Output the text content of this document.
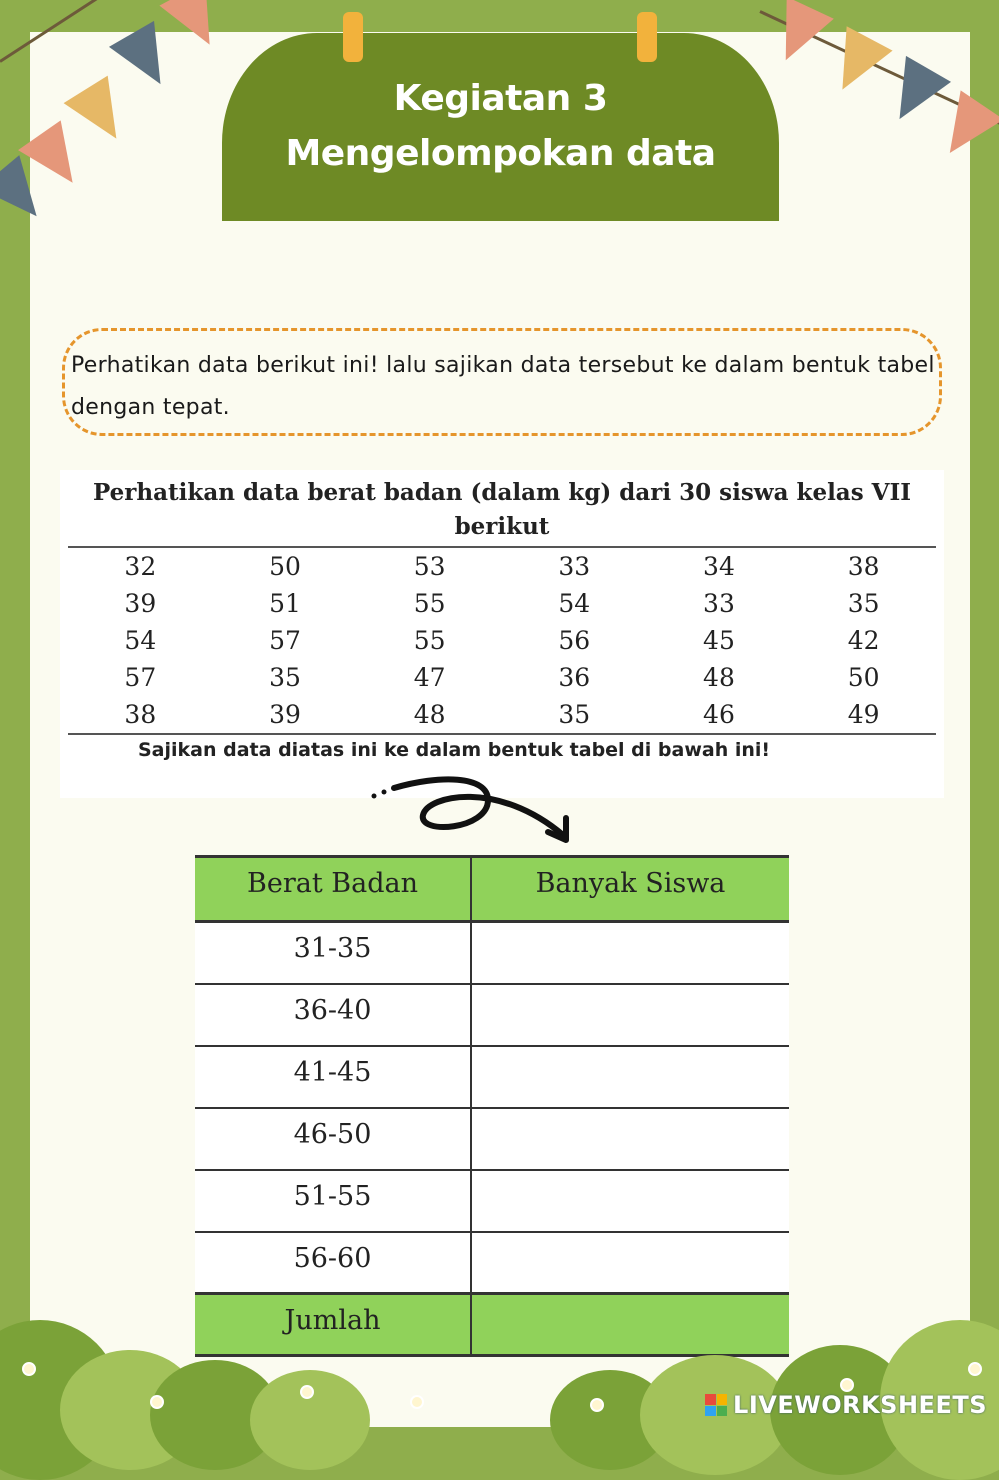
Kegiatan 3
Mengelompokan data
Perhatikan data berikut ini! lalu sajikan data tersebut ke dalam bentuk tabel dengan tepat.
Perhatikan data berat badan (dalam kg) dari 30 siswa kelas VII berikut
32	50	53	33	34	38
39	51	55	54	33	35
54	57	55	56	45	42
57	35	47	36	48	50
38	39	48	35	46	49
Sajikan data diatas ini ke dalam bentuk tabel di bawah ini!
Berat Badan	Banyak Siswa
31-35	
36-40	
41-45	
46-50	
51-55	
56-60	
Jumlah	
LIVEWORKSHEETS
